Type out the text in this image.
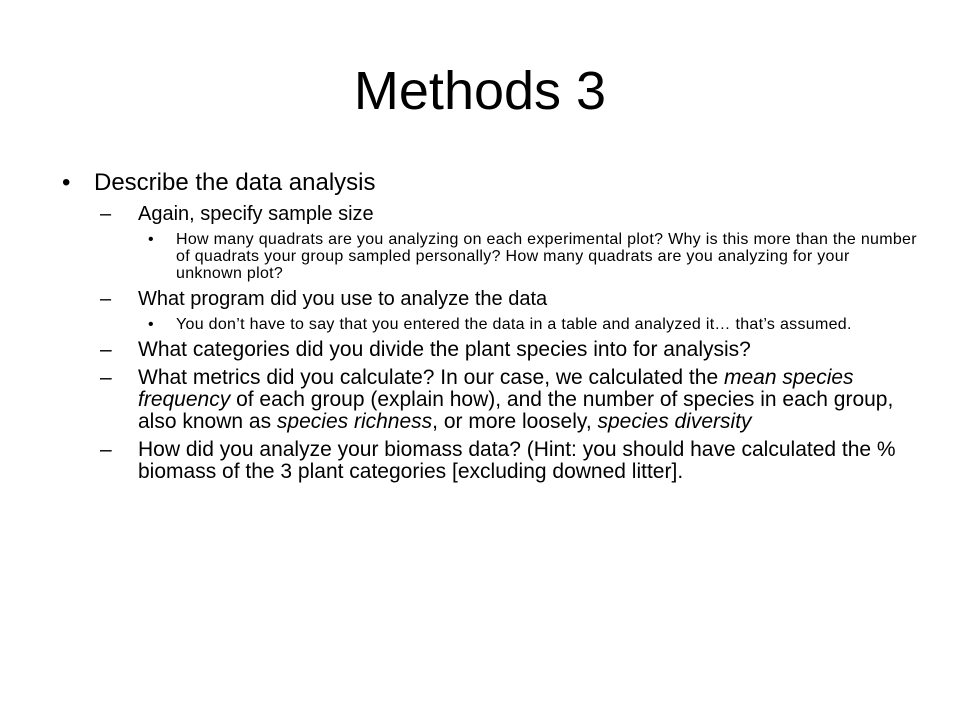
Methods 3
• Describe the data analysis
– Again, specify sample size
• How many quadrats are you analyzing on each experimental plot? Why is this more than the number of quadrats your group sampled personally? How many quadrats are you analyzing for your unknown plot?
– What program did you use to analyze the data
• You don’t have to say that you entered the data in a table and analyzed it… that’s assumed.
– What categories did you divide the plant species into for analysis?
– What metrics did you calculate? In our case, we calculated the mean species frequency of each group (explain how), and the number of species in each group, also known as species richness, or more loosely, species diversity
– How did you analyze your biomass data? (Hint: you should have calculated the % biomass of the 3 plant categories [excluding downed litter].
